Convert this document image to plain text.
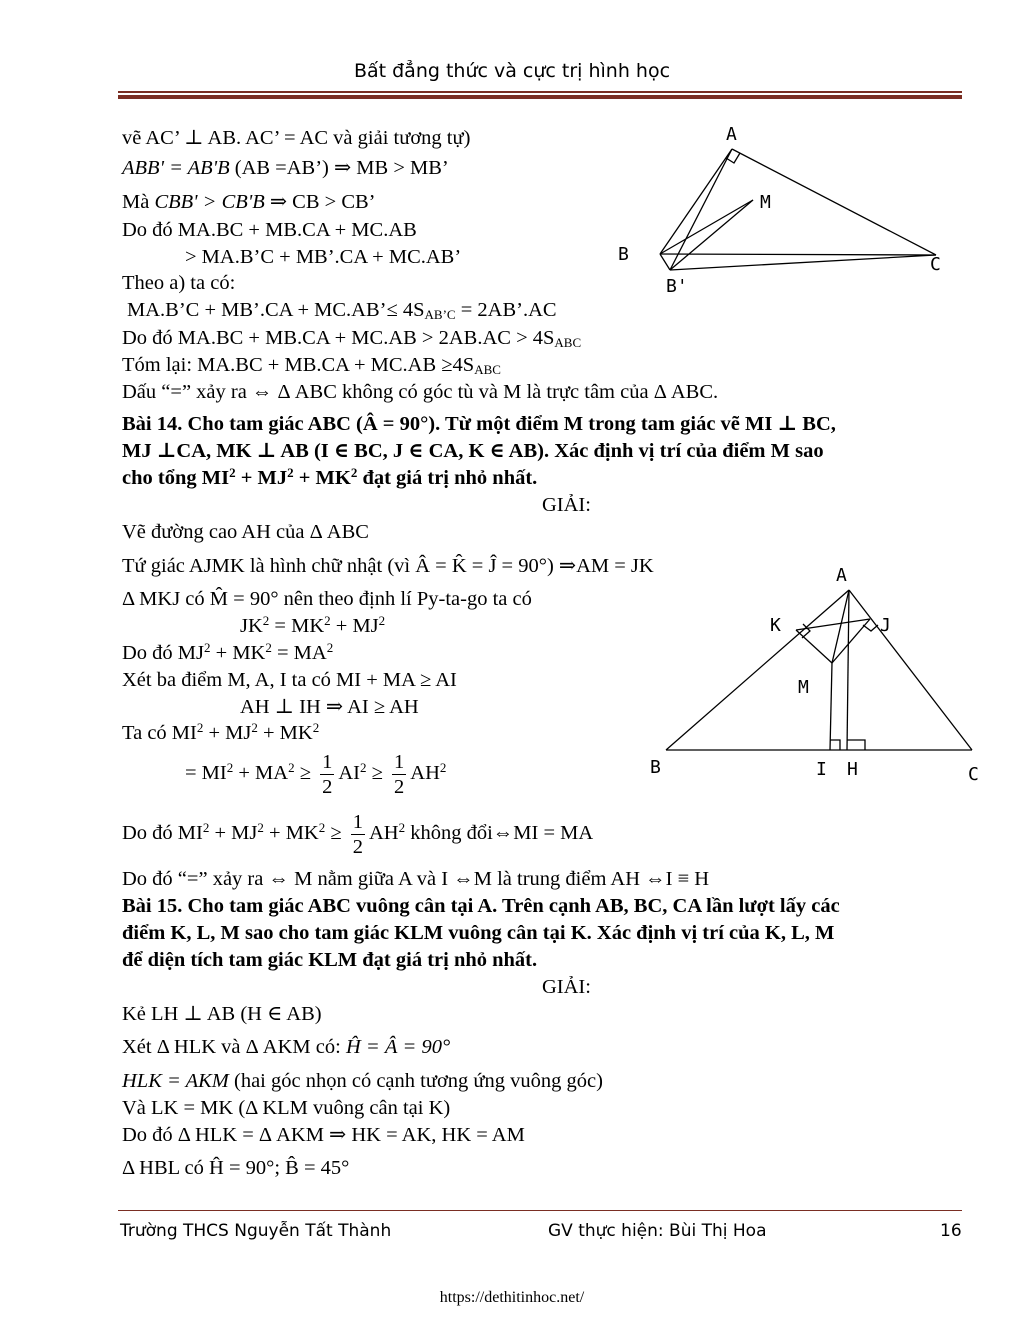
Bất đẳng thức và cực trị hình học
vẽ AC’ ⊥ AB. AC’ = AC và giải tương tự)
ABB' = AB'B (AB =AB’) ⇒ MB > MB’
Mà CBB' > CB'B ⇒ CB > CB’
Do đó MA.BC + MB.CA + MC.AB
> MA.B’C + MB’.CA + MC.AB’
Theo a) ta có:
MA.B’C + MB’.CA + MC.AB’≤ $4S_{AB’C}$ = 2AB’.AC
Do đó $MA.BC + MB.CA + MC.AB > 2AB.AC > 4S_{ABC}$
Tóm lại: $MA.BC + MB.CA + MC.AB \ge 4S_{ABC}$
Dấu “=” xảy ra ⇔ Δ ABC không có góc tù và M là trực tâm của Δ ABC.
Bài 14. Cho tam giác ABC (Â = 90°). Từ một điểm M trong tam giác vẽ MI ⊥ BC,
MJ ⊥CA, MK ⊥ AB (I ∈ BC, J ∈ CA, K ∈ AB). Xác định vị trí của điểm M sao
cho tổng $MI^2 + MJ^2 + MK^2$ đạt giá trị nhỏ nhất.
GIẢI:
Vẽ đường cao AH của Δ ABC
Tứ giác AJMK là hình chữ nhật (vì Â = K̂ = Ĵ = 90°) ⇒AM = JK
Δ MKJ có M̂ = 90° nên theo định lí Py-ta-go ta có
$JK^2 = MK^2 + MJ^2$
Do đó $MJ^2 + MK^2 = MA^2$
Xét ba điểm M, A, I ta có MI + MA ≥ AI
AH ⊥ IH ⇒ AI ≥ AH
Ta có $MI^2 + MJ^2 + MK^2$
= $MI^2 + MA^2 \ge \frac{1}{2} AI^2 \ge \frac{1}{2} AH^2$
Do đó $MI^2 + MJ^2 + MK^2 \ge \frac{1}{2} AH^2$ không đổi⇔MI = MA
Do đó “=” xảy ra ⇔ M nằm giữa A và I ⇔M là trung điểm AH ⇔I ≡ H
Bài 15. Cho tam giác ABC vuông cân tại A. Trên cạnh AB, BC, CA lần lượt lấy các
điểm K, L, M sao cho tam giác KLM vuông cân tại K. Xác định vị trí của K, L, M
để diện tích tam giác KLM đạt giá trị nhỏ nhất.
GIẢI:
Kẻ LH ⊥ AB (H ∈ AB)
Xét Δ HLK và Δ AKM có: Ĥ = Â = 90°
HLK = AKM (hai góc nhọn có cạnh tương ứng vuông góc)
Và LK = MK (Δ KLM vuông cân tại K)
Do đó Δ HLK = Δ AKM ⇒ HK = AK, HK = AM
Δ HBL có Ĥ = 90°; B̂ = 45°
A
M
B	C
B'
A
K	J
M
B	I H	C
Trường THCS Nguyễn Tất Thành	GV thực hiện: Bùi Thị Hoa	16
https://dethitinhoc.net/
